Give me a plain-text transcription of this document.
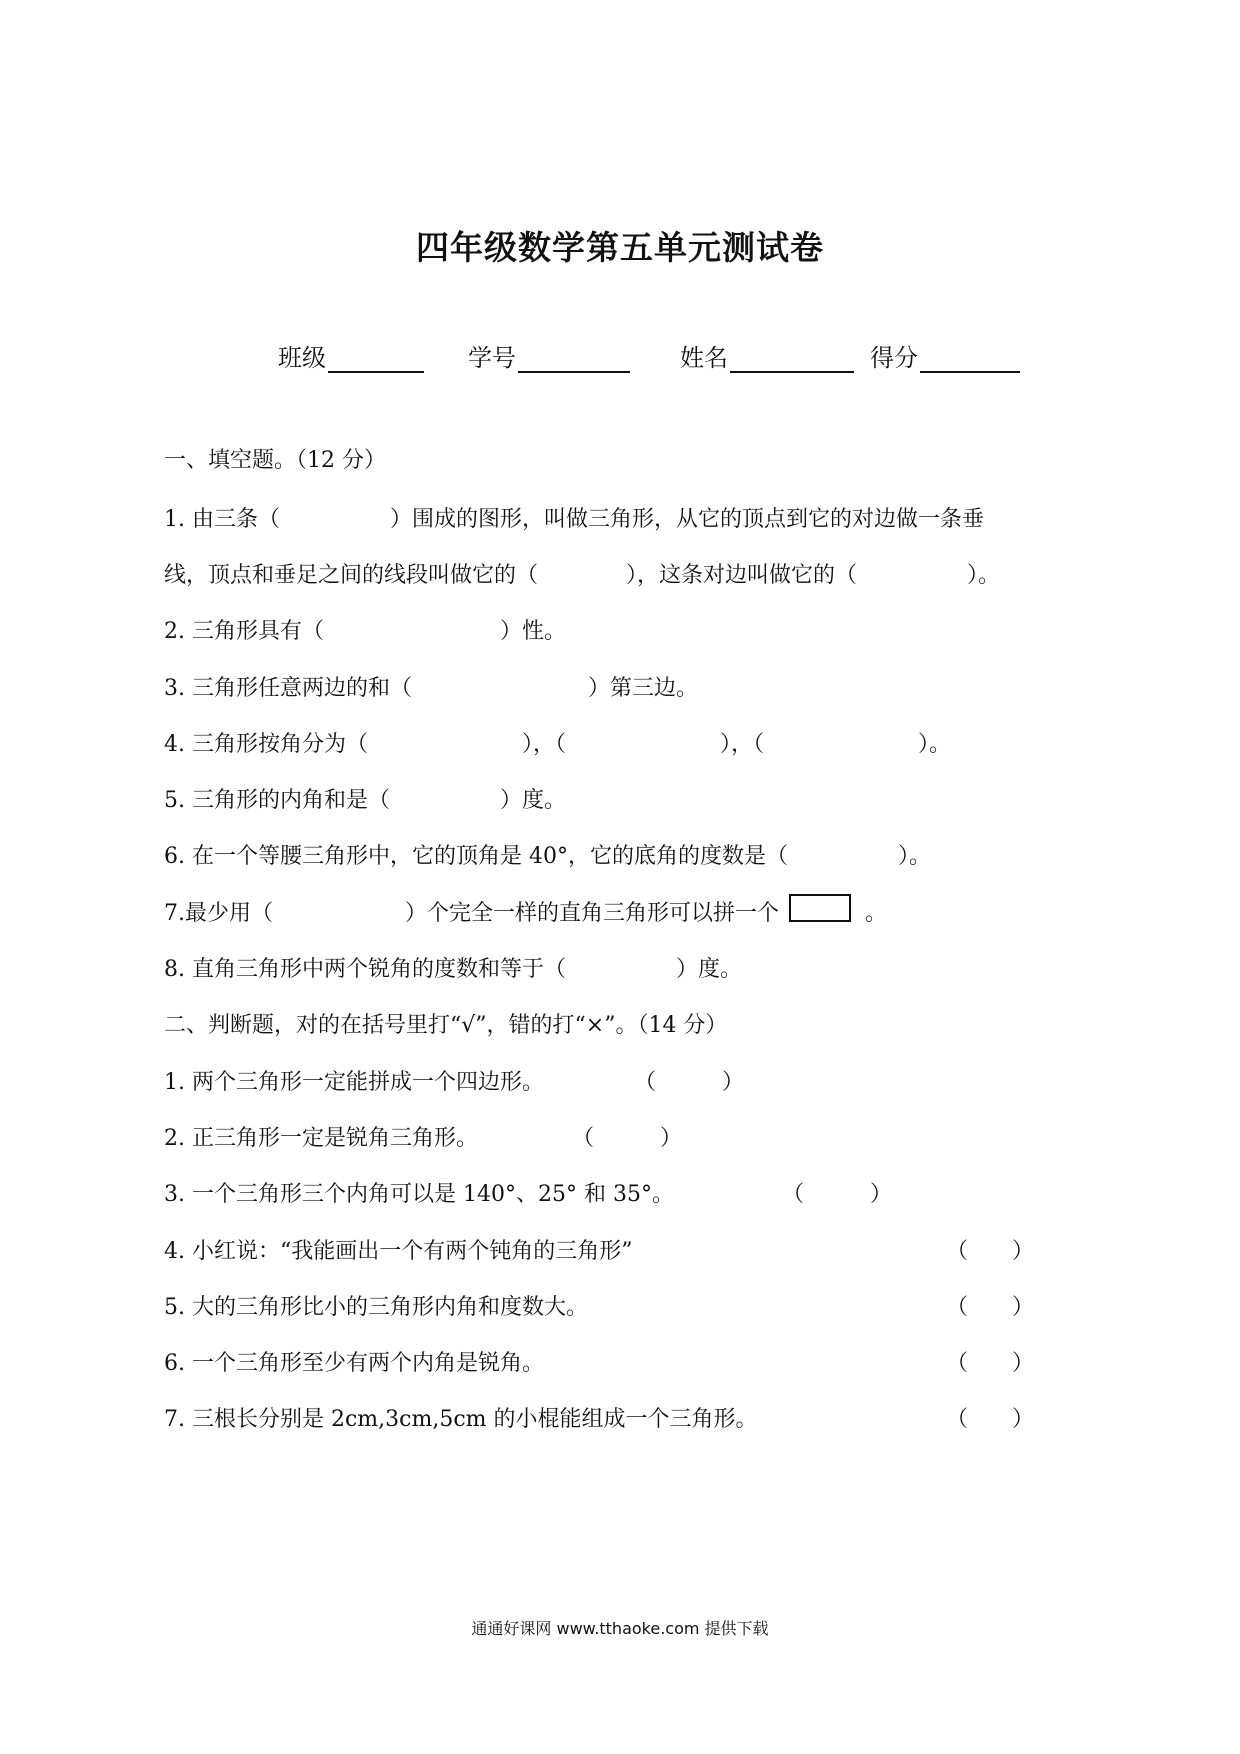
四年级数学第五单元测试卷
班级	学号	姓名	得分
一、填空题。（12 分）
1. 由三条（　　　　　）围成的图形，叫做三角形，从它的顶点到它的对边做一条垂
线，顶点和垂足之间的线段叫做它的（　　　　），这条对边叫做它的（　　　　　）。
2. 三角形具有（　　　　　　　　）性。
3. 三角形任意两边的和（　　　　　　　　）第三边。
4. 三角形按角分为（　　　　　　　），（　　　　　　　），（　　　　　　　）。
5. 三角形的内角和是（　　　　　）度。
6. 在一个等腰三角形中，它的顶角是 40°，它的底角的度数是（　　　　　）。
7.最少用（　　　　　　）个完全一样的直角三角形可以拼一个	。
8. 直角三角形中两个锐角的度数和等于（　　　　　）度。
二、判断题，对的在括号里打“√”，错的打“×”。（14 分）
1. 两个三角形一定能拼成一个四边形。	（　　　）
2. 正三角形一定是锐角三角形。	（　　　）
3. 一个三角形三个内角可以是 140°、25° 和 35°。	（　　　）
4. 小红说：“我能画出一个有两个钝角的三角形”	（　　）
5. 大的三角形比小的三角形内角和度数大。	（　　）
6. 一个三角形至少有两个内角是锐角。	（　　）
7. 三根长分别是 2cm,3cm,5cm 的小棍能组成一个三角形。	（　　）
通通好课网 www.tthaoke.com 提供下载
